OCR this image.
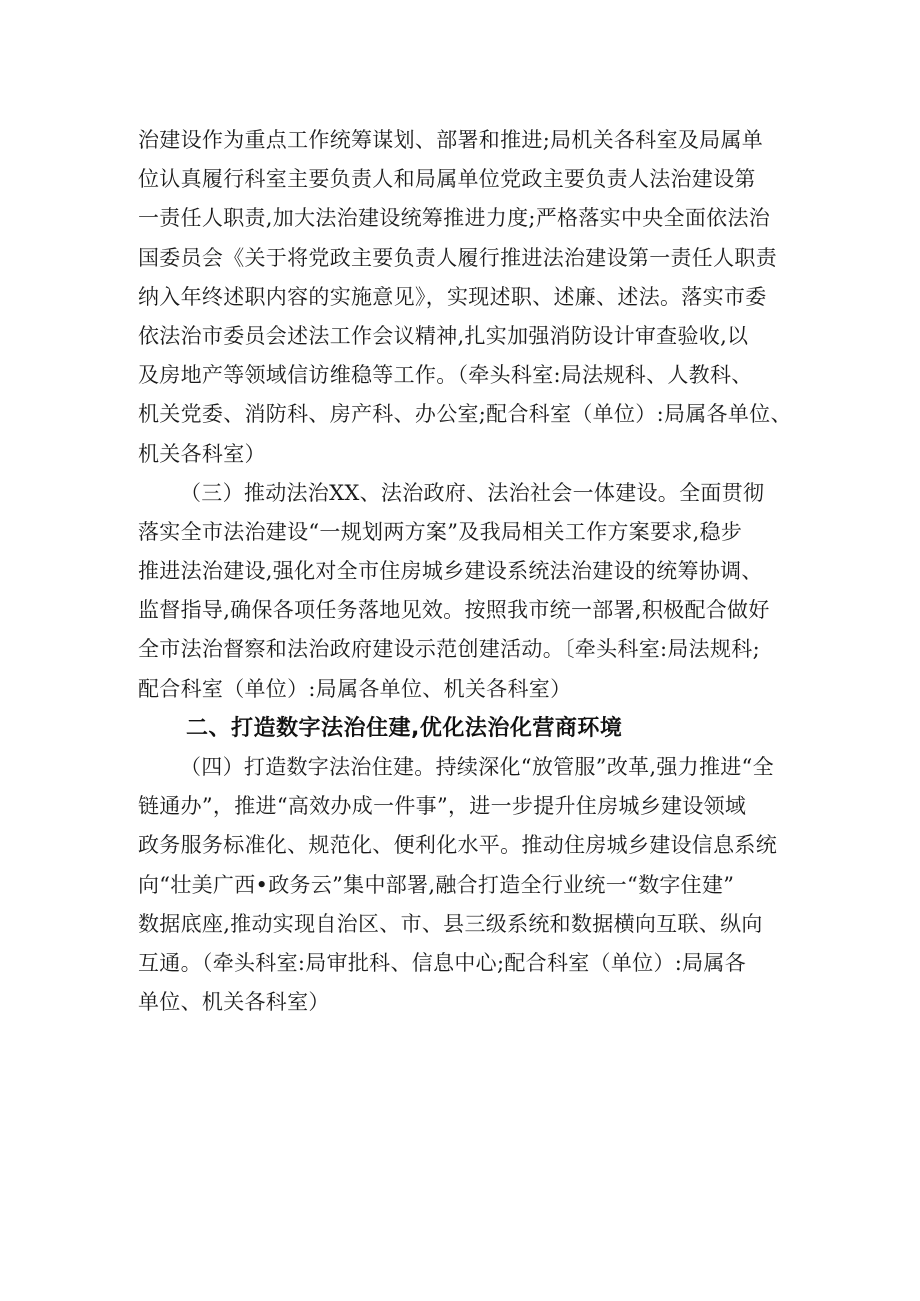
治建设作为重点工作统筹谋划、部署和推进;局机关各科室及局属单
位认真履行科室主要负责人和局属单位党政主要负责人法治建设第
一责任人职责,加大法治建设统筹推进力度;严格落实中央全面依法治
国委员会《关于将党政主要负责人履行推进法治建设第一责任人职责
纳入年终述职内容的实施意见》，实现述职、述廉、述法。落实市委
依法治市委员会述法工作会议精神,扎实加强消防设计审查验收,以
及房地产等领域信访维稳等工作。（牵头科室:局法规科、人教科、
机关党委、消防科、房产科、办公室;配合科室（单位）:局属各单位、
机关各科室）
（三）推动法治XX、法治政府、法治社会一体建设。全面贯彻
落实全市法治建设“一规划两方案”及我局相关工作方案要求,稳步
推进法治建设,强化对全市住房城乡建设系统法治建设的统筹协调、
监督指导,确保各项任务落地见效。按照我市统一部署,积极配合做好
全市法治督察和法治政府建设示范创建活动。〔牵头科室:局法规科;
配合科室（单位）:局属各单位、机关各科室）
二、打造数字法治住建,优化法治化营商环境
（四）打造数字法治住建。持续深化“放管服”改革,强力推进“全
链通办”，推进“高效办成一件事”，进一步提升住房城乡建设领域
政务服务标准化、规范化、便利化水平。推动住房城乡建设信息系统
向“壮美广西•政务云”集中部署,融合打造全行业统一“数字住建”
数据底座,推动实现自治区、市、县三级系统和数据横向互联、纵向
互通。（牵头科室:局审批科、信息中心;配合科室（单位）:局属各
单位、机关各科室）
